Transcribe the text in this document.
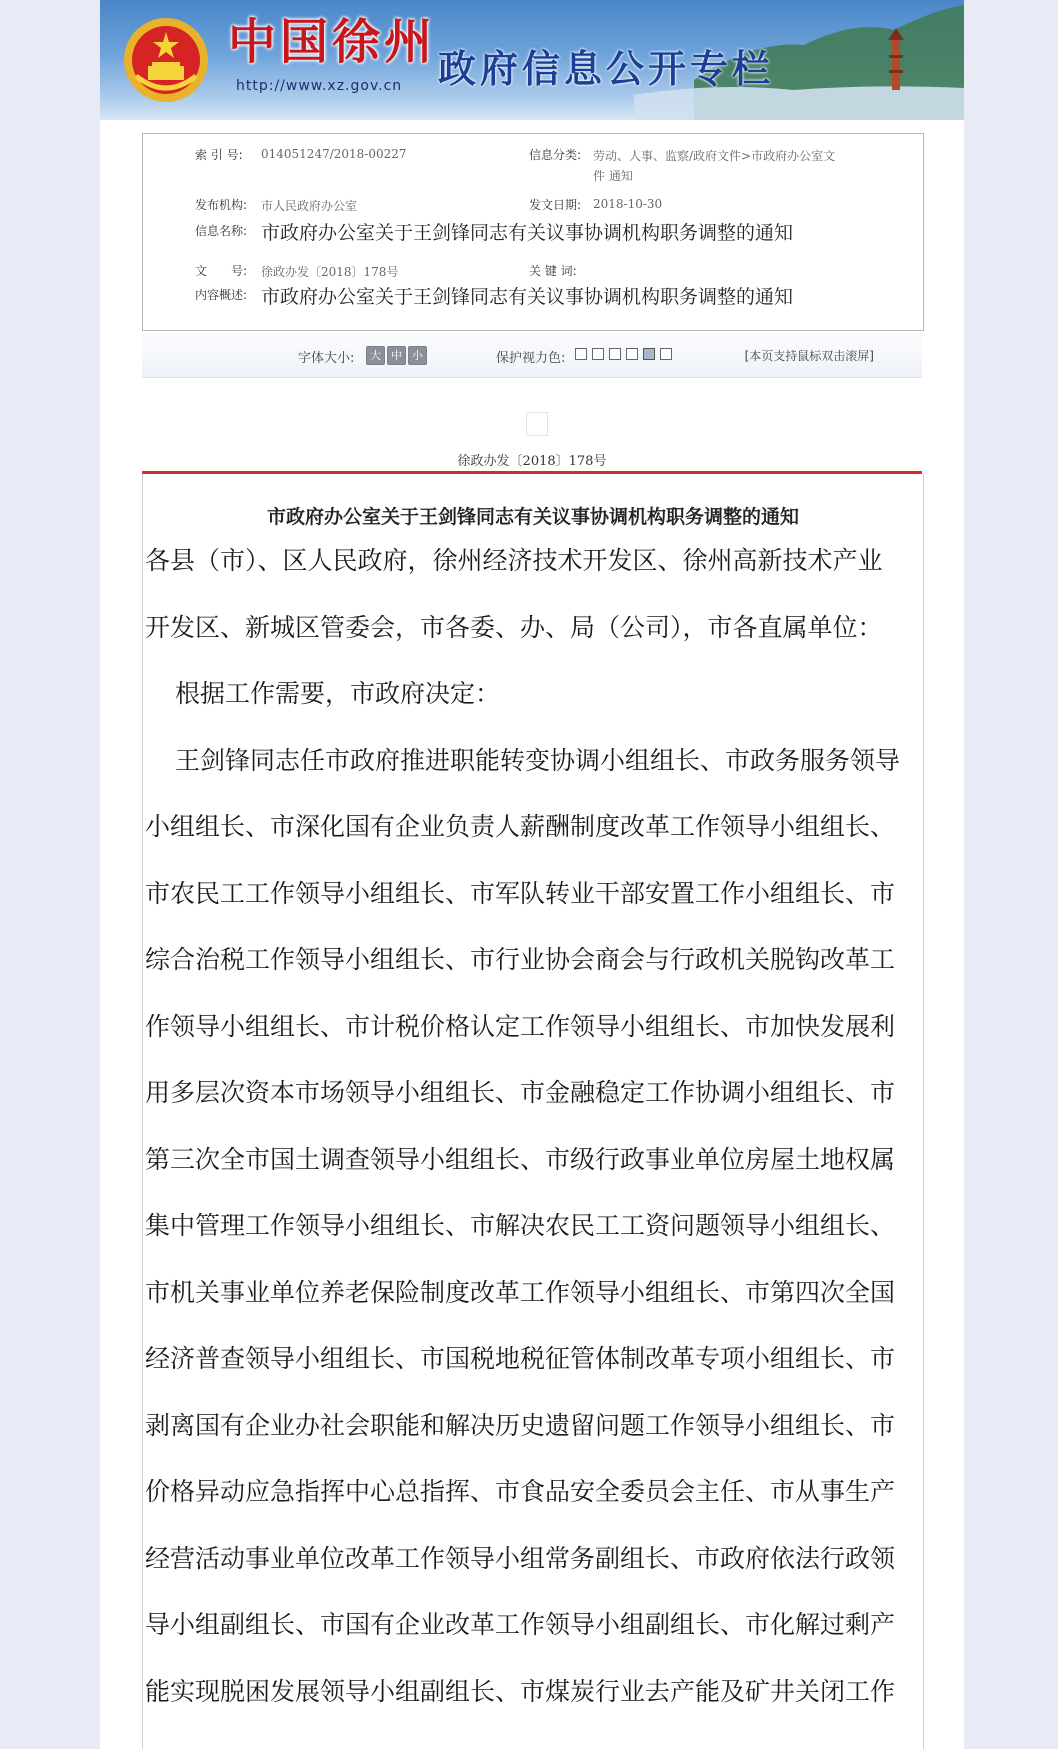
中国徐州
http://www.xz.gov.cn 政府信息公开专栏
索 引 号: 014051247/2018-00227	信息分类: 劳动、人事、监察/政府文件>市政府办公室文
件 通知
发布机构: 市人民政府办公室	发文日期: 2018-10-30
信息名称: 市政府办公室关于王剑锋同志有关议事协调机构职务调整的通知
文　　号: 徐政办发〔2018〕178号	关 键 词:
内容概述: 市政府办公室关于王剑锋同志有关议事协调机构职务调整的通知
字体大小:	大 中 小	保护视力色:	[本页支持鼠标双击滚屏]
徐政办发〔2018〕178号
市政府办公室关于王剑锋同志有关议事协调机构职务调整的通知
各县（市）、区人民政府，徐州经济技术开发区、徐州高新技术产业
开发区、新城区管委会，市各委、办、局（公司），市各直属单位：
根据工作需要，市政府决定：
王剑锋同志任市政府推进职能转变协调小组组长、市政务服务领导
小组组长、市深化国有企业负责人薪酬制度改革工作领导小组组长、
市农民工工作领导小组组长、市军队转业干部安置工作小组组长、市
综合治税工作领导小组组长、市行业协会商会与行政机关脱钩改革工
作领导小组组长、市计税价格认定工作领导小组组长、市加快发展利
用多层次资本市场领导小组组长、市金融稳定工作协调小组组长、市
第三次全市国土调查领导小组组长、市级行政事业单位房屋土地权属
集中管理工作领导小组组长、市解决农民工工资问题领导小组组长、
市机关事业单位养老保险制度改革工作领导小组组长、市第四次全国
经济普查领导小组组长、市国税地税征管体制改革专项小组组长、市
剥离国有企业办社会职能和解决历史遗留问题工作领导小组组长、市
价格异动应急指挥中心总指挥、市食品安全委员会主任、市从事生产
经营活动事业单位改革工作领导小组常务副组长、市政府依法行政领
导小组副组长、市国有企业改革工作领导小组副组长、市化解过剩产
能实现脱困发展领导小组副组长、市煤炭行业去产能及矿井关闭工作
